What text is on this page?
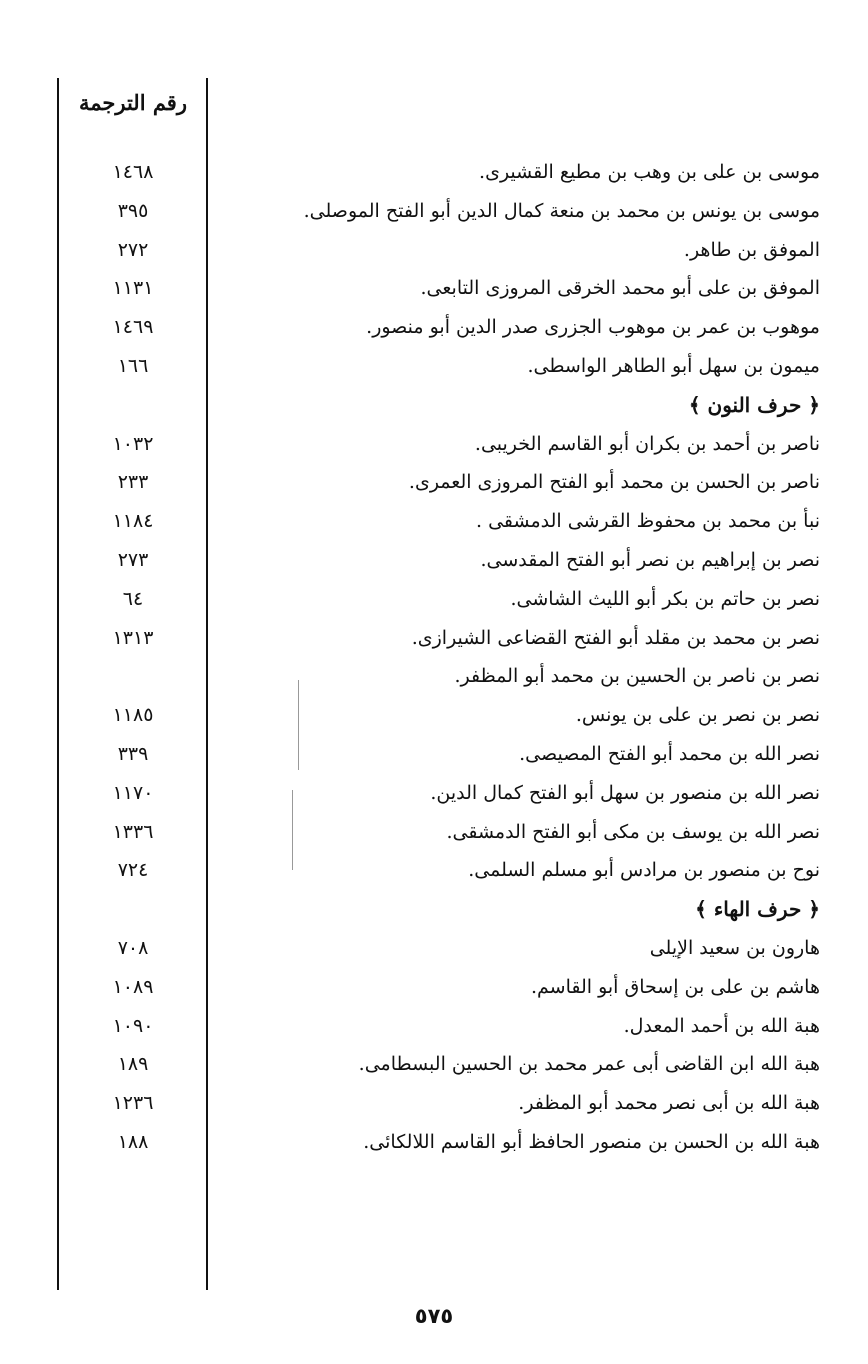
رقم الترجمة
١٤٦٨	موسى بن على بن وهب بن مطيع القشيرى.
٣٩٥	موسى بن يونس بن محمد بن منعة كمال الدين أبو الفتح الموصلى.
٢٧٢	الموفق بن طاهر.
١١٣١	الموفق بن على أبو محمد الخرقى المروزى التابعى.
١٤٦٩	موهوب بن عمر بن موهوب الجزرى صدر الدين أبو منصور.
١٦٦	ميمون بن سهل أبو الطاهر الواسطى.
﴿ حرف النون ﴾
١٠٣٢	ناصر بن أحمد بن بكران أبو القاسم الخريبى.
٢٣٣	ناصر بن الحسن بن محمد أبو الفتح المروزى العمرى.
١١٨٤	نبأ بن محمد بن محفوظ القرشى الدمشقى .
٢٧٣	نصر بن إبراهيم بن نصر أبو الفتح المقدسى.
٦٤	نصر بن حاتم بن بكر أبو الليث الشاشى.
١٣١٣	نصر بن محمد بن مقلد أبو الفتح القضاعى الشيرازى.
نصر بن ناصر بن الحسين بن محمد أبو المظفر.
١١٨٥	نصر بن نصر بن على بن يونس.
٣٣٩	نصر الله بن محمد أبو الفتح المصيصى.
١١٧٠	نصر الله بن منصور بن سهل أبو الفتح كمال الدين.
١٣٣٦	نصر الله بن يوسف بن مكى أبو الفتح الدمشقى.
٧٢٤	نوح بن منصور بن مرادس أبو مسلم السلمى.
﴿ حرف الهاء ﴾
٧٠٨	هارون بن سعيد الإيلى
١٠٨٩	هاشم بن على بن إسحاق أبو القاسم.
١٠٩٠	هبة الله بن أحمد المعدل.
١٨٩	هبة الله ابن القاضى أبى عمر محمد بن الحسين البسطامى.
١٢٣٦	هبة الله بن أبى نصر محمد أبو المظفر.
١٨٨	هبة الله بن الحسن بن منصور الحافظ أبو القاسم اللالكائى.
٥٧٥
